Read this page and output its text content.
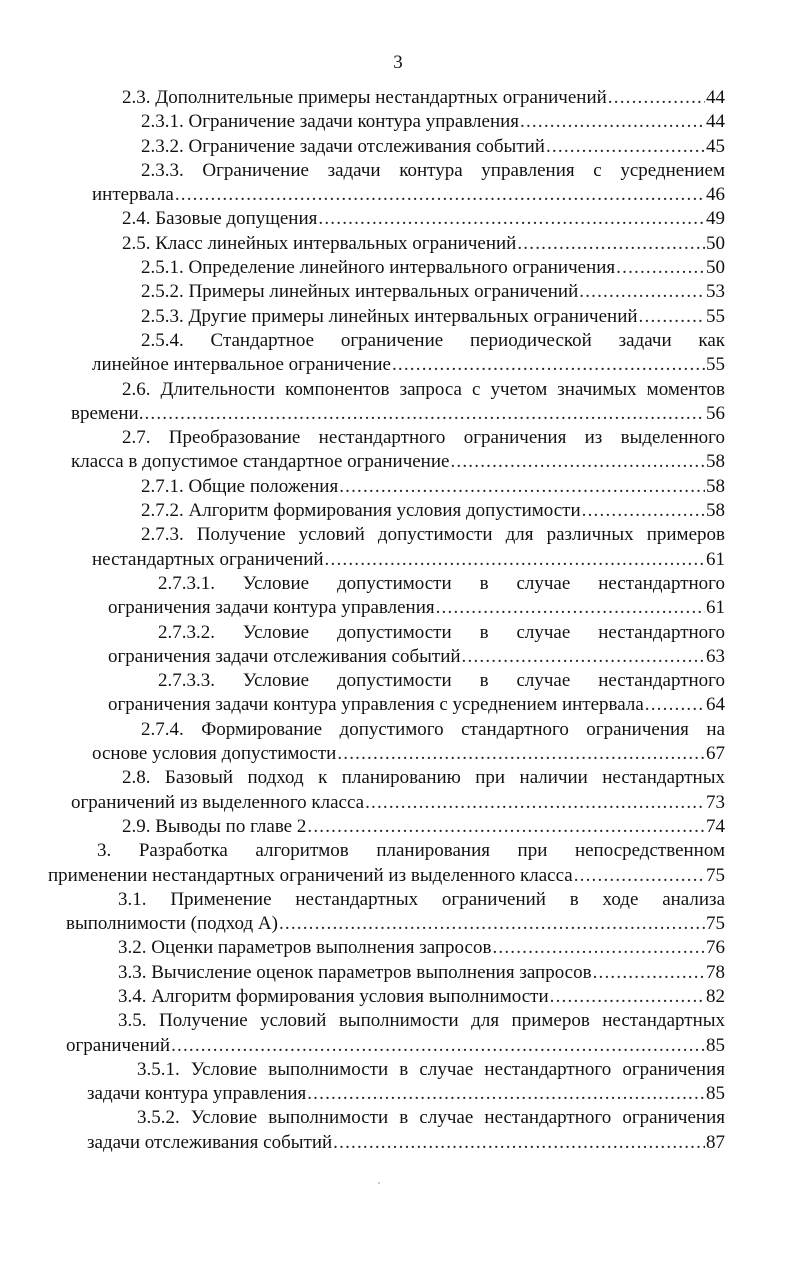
3
2.3. Дополнительные примеры нестандартных ограничений .....	44
2.3.1. Ограничение задачи контура управления .....	44
2.3.2. Ограничение задачи отслеживания событий .....	45
2.3.3. Ограничение задачи контура управления с усреднением
интервала .....	46
2.4. Базовые допущения .....	49
2.5. Класс линейных интервальных ограничений .....	50
2.5.1. Определение линейного интервального ограничения .....	50
2.5.2. Примеры линейных интервальных ограничений .....	53
2.5.3. Другие примеры линейных интервальных ограничений .....	55
2.5.4. Стандартное ограничение периодической задачи как
линейное интервальное ограничение .....	55
2.6. Длительности компонентов запроса с учетом значимых моментов
времени. .....	56
2.7. Преобразование нестандартного ограничения из выделенного
класса в допустимое стандартное ограничение .....	58
2.7.1. Общие положения .....	58
2.7.2. Алгоритм формирования условия допустимости .....	58
2.7.3. Получение условий допустимости для различных примеров
нестандартных ограничений .....	61
2.7.3.1. Условие допустимости в случае нестандартного
ограничения задачи контура управления .....	61
2.7.3.2. Условие допустимости в случае нестандартного
ограничения задачи отслеживания событий .....	63
2.7.3.3. Условие допустимости в случае нестандартного
ограничения задачи контура управления с усреднением интервала .....	64
2.7.4. Формирование допустимого стандартного ограничения на
основе условия допустимости .....	67
2.8. Базовый подход к планированию при наличии нестандартных
ограничений из выделенного класса .....	73
2.9. Выводы по главе 2 .....	74
3. Разработка алгоритмов планирования при непосредственном
применении нестандартных ограничений из выделенного класса .....	75
3.1. Применение нестандартных ограничений в ходе анализа
выполнимости (подход А) .....	75
3.2. Оценки параметров выполнения запросов .....	76
3.3. Вычисление оценок параметров выполнения запросов .....	78
3.4. Алгоритм формирования условия выполнимости .....	82
3.5. Получение условий выполнимости для примеров нестандартных
ограничений .....	85
3.5.1. Условие выполнимости в случае нестандартного ограничения
задачи контура управления .....	85
3.5.2. Условие выполнимости в случае нестандартного ограничения
задачи отслеживания событий .....	87
